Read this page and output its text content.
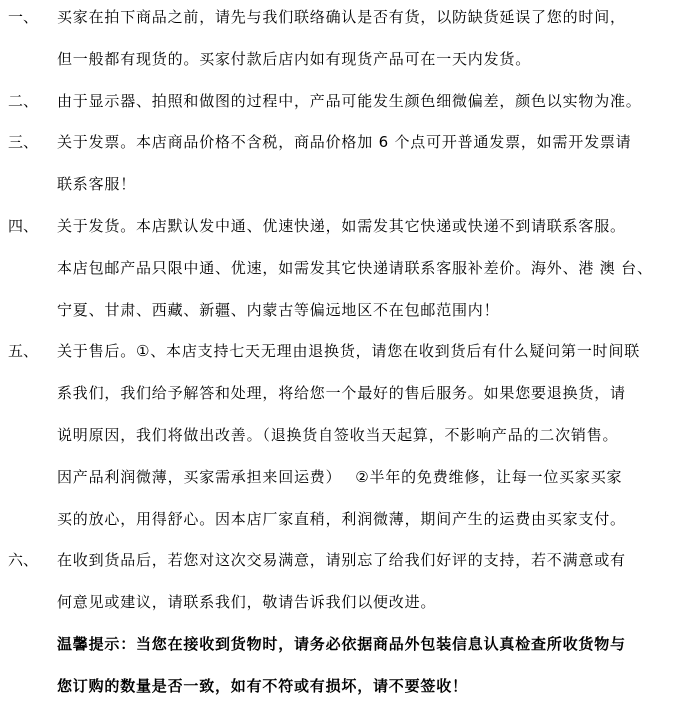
一、 买家在拍下商品之前，请先与我们联络确认是否有货，以防缺货延误了您的时间，
但一般都有现货的。买家付款后店内如有现货产品可在一天内发货。
二、 由于显示器、拍照和做图的过程中，产品可能发生颜色细微偏差，颜色以实物为准。
三、 关于发票。本店商品价格不含税，商品价格加 6 个点可开普通发票，如需开发票请
联系客服！
四、 关于发货。本店默认发中通、优速快递，如需发其它快递或快递不到请联系客服。
本店包邮产品只限中通、优速，如需发其它快递请联系客服补差价。海外、港 澳 台、
宁夏、甘肃、西藏、新疆、内蒙古等偏远地区不在包邮范围内！
五、 关于售后。①、本店支持七天无理由退换货，请您在收到货后有什么疑问第一时间联
系我们，我们给予解答和处理，将给您一个最好的售后服务。如果您要退换货，请
说明原因，我们将做出改善。（退换货自签收当天起算，不影响产品的二次销售。
因产品利润微薄，买家需承担来回运费）　 ②半年的免费维修，让每一位买家买家
买的放心，用得舒心。因本店厂家直稍，利润微薄，期间产生的运费由买家支付。
六、 在收到货品后，若您对这次交易满意，请别忘了给我们好评的支持，若不满意或有
何意见或建议，请联系我们，敬请告诉我们以便改进。
温馨提示：当您在接收到货物时，请务必依据商品外包装信息认真检查所收货物与
您订购的数量是否一致，如有不符或有损坏，请不要签收！
